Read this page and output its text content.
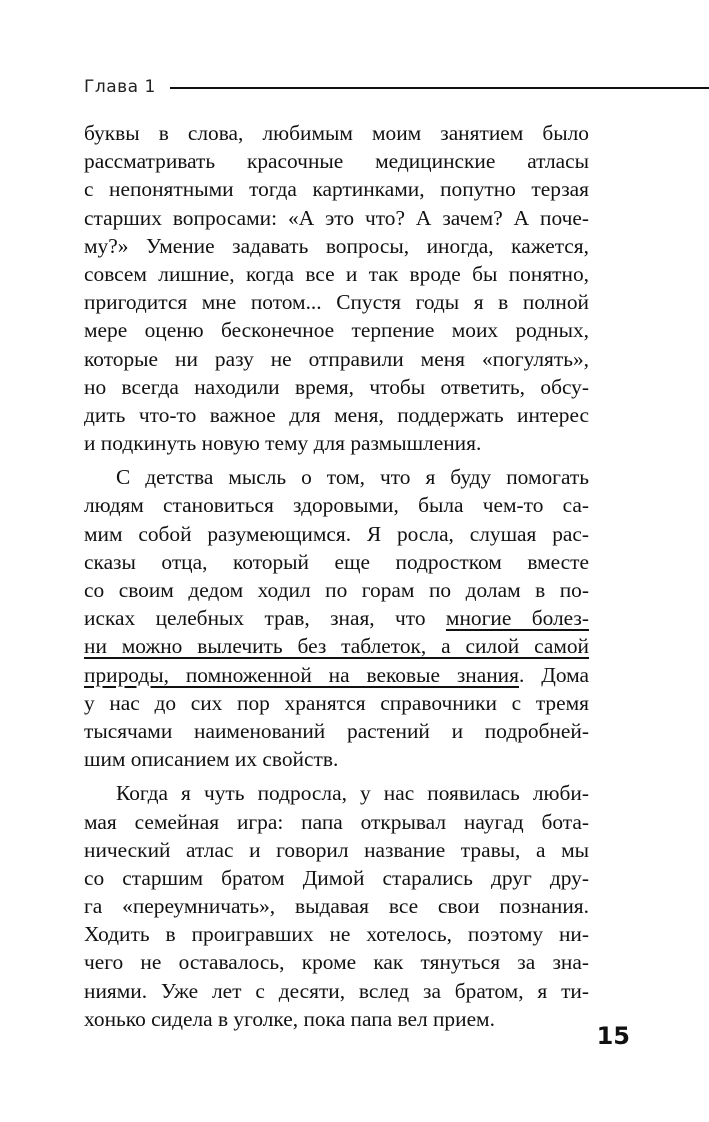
Глава 1
буквы в слова, любимым моим занятием было
рассматривать красочные медицинские атласы
с непонятными тогда картинками, попутно терзая
старших вопросами: «А это что? А зачем? А поче-
му?» Умение задавать вопросы, иногда, кажется,
совсем лишние, когда все и так вроде бы понятно,
пригодится мне потом... Спустя годы я в полной
мере оценю бесконечное терпение моих родных,
которые ни разу не отправили меня «погулять»,
но всегда находили время, чтобы ответить, обсу-
дить что-то важное для меня, поддержать интерес
и подкинуть новую тему для размышления.
С детства мысль о том, что я буду помогать
людям становиться здоровыми, была чем-то са-
мим собой разумеющимся. Я росла, слушая рас-
сказы отца, который еще подростком вместе
со своим дедом ходил по горам по долам в по-
исках целебных трав, зная, что многие болез-
ни можно вылечить без таблеток, а силой самой
природы, помноженной на вековые знания. Дома
у нас до сих пор хранятся справочники с тремя
тысячами наименований растений и подробней-
шим описанием их свойств.
Когда я чуть подросла, у нас появилась люби-
мая семейная игра: папа открывал наугад бота-
нический атлас и говорил название травы, а мы
со старшим братом Димой старались друг дру-
га «переумничать», выдавая все свои познания.
Ходить в проигравших не хотелось, поэтому ни-
чего не оставалось, кроме как тянуться за зна-
ниями. Уже лет с десяти, вслед за братом, я ти-
хонько сидела в уголке, пока папа вел прием.
15
